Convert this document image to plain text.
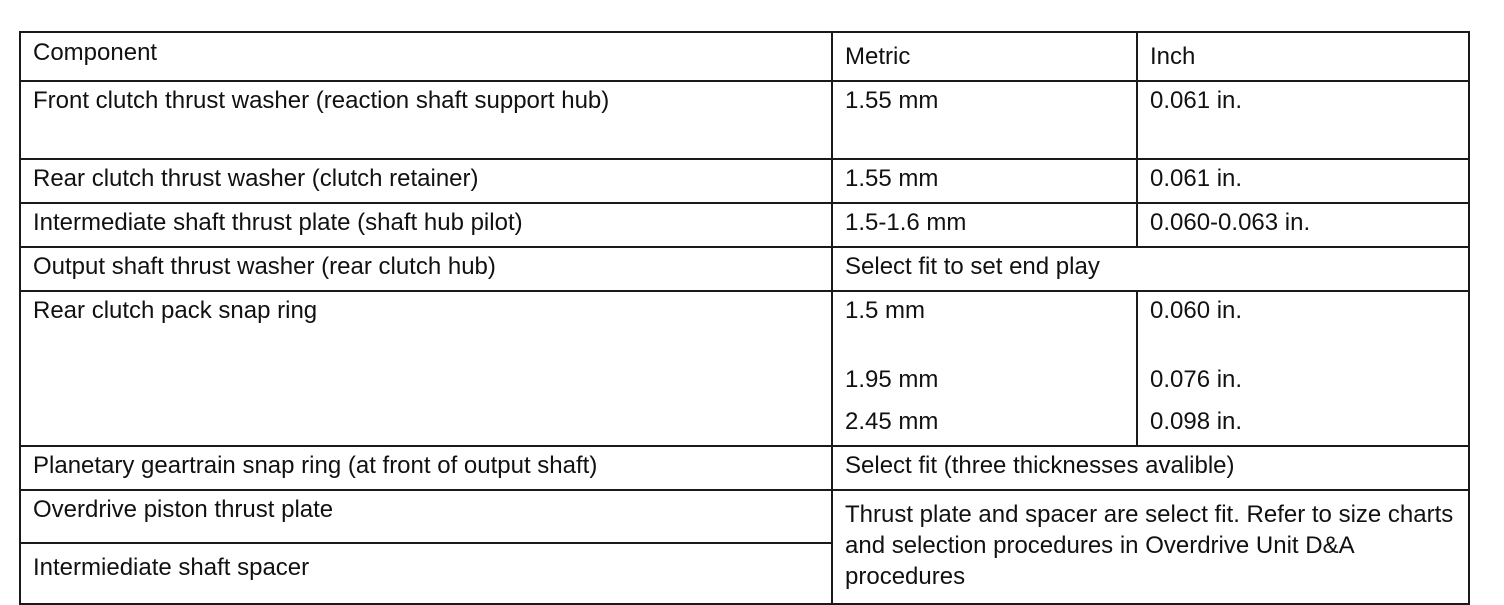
Component	Metric	Inch
Front clutch thrust washer (reaction shaft support hub)	1.55 mm	0.061 in.
Rear clutch thrust washer (clutch retainer)	1.55 mm	0.061 in.
Intermediate shaft thrust plate (shaft hub pilot)	1.5-1.6 mm	0.060-0.063 in.
Output shaft thrust washer (rear clutch hub)	Select fit to set end play	
Rear clutch pack snap ring	1.5 mm	0.060 in.
	1.95 mm	0.076 in.
	2.45 mm	0.098 in.
Planetary geartrain snap ring (at front of output shaft)	Select fit (three thicknesses avalible)	
Overdrive piston thrust plate	Thrust plate and spacer are select fit. Refer to size charts and selection procedures in Overdrive Unit D&A procedures	
Intermiediate shaft spacer		
